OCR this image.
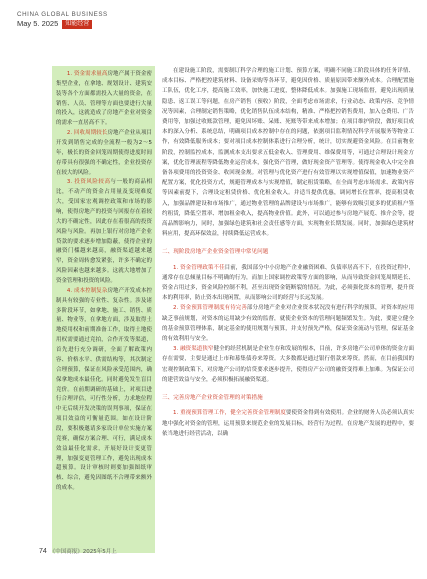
CHINA GLOBAL BUSINESS
May 5. 2025 知能经营

1. 资金需求量高房地产属于资金密集型企业，在拿地、规划设计、建筑安装等各个方面都需投入大量的资金，在销售、人员、管理等方面也要进行大量的投入，这就造成了房地产企业对资金的需求一直居高不下。

2. 回收周期较长房地产企业从项目开发到销售完成的全流程一般为2～5年，极长的资金回笼周期使得进度时间存带具有很强的不确定性，企业投资存在较大的风险。

3. 投资风险较高与一般的商品相比，不动产的资金占用量及变现难度大，受国家宏观调控政策和市场的影响，使得房地产的投资与回报存在着较大的不确定性，因此存在着很高的投资风险与风险。再加上银行对房地产企业贷款的要求逐步增加隐蔽，使得企业的融资门槛越来越高，融资渠道越来越窄，资金周转愈发紧张，许多不确定的风险因素也越来越多。这就大地增加了资金管理和投资的风险。

4. 成本控制复杂房地产开发成本控制具有较强的专业性、复杂性。涉及诸多阶段环节，如拿地、施工、销售、质量、物业等，在拿地方面，涉及取得土地使用权和前期准备工作，取得土地使用权需要通过竞拍，合作开发等渠道，首先进行充分调研，全面了解政策内容、价格水平、供需结构等，其次制定合理预算，保证在风险承受范围内，确保拿地成本最佳化。同时避免发生盲目竞价。在前期调研的基础上，对项目进行合理评估，可行性分析，力求地位程中无后续开发决策的误判事项，保证在项目效益的可衡量范围。如在设计阶段，要积极邀请多家设计单位实施方案竞赛，确保方案合理、可行，满足成本效益最佳化需求，开展好设计变更管理，加强变更管理工作，避免出现成本超预算。设计审核时则要加强图纸审核、综合，避免因图纸不合理带来额外的成本。

在建设施工阶段，需要制订科学合理的施工计划、预算方案，明确不同施工阶段具体的任务详情、成本目标、严格把控建筑材料、设备采购等各环节，避免因价格、质量原因带来额外成本。合理配置施工队伍，优化工序，提高施工效率，加快施工进度，整体降低成本。加强施工现场监督，避免出现质量隐患、返工误工等问题，在房产销售（预收）阶段，全面考虑市场需求，行业动态、政策内容、竞争情况等因素，合理制定销售策略，优化销售队伍成本结构，精准、严格把控销售费用，加入仓费用、广告费用等，加强过收账款管理，避免因坏账、呆账、死账等带来成本增加；在项目维护阶段，做好项目成本的深入分析、系统总结，明确项目成本控制中存在的问题，依据项目监利情况科学开展服务等物业工作，有效降低服务成本；要对项目成本控制体系进行合理分析，统计，切实规避资金风险。在目前物业阶段，控制监控成本，监测成本支出要求五低金收入、管理费用、维保费用等，可通过合理设计现金方案，优化管理流程等降低物业运营成本，强化资产管理，做好现金资产管理等。使得现金收入中完全准备各项费用的投资资金、收回现金规。对管理与优化资产进行有效管理以实现增值保值，加速物业资产配置方案，优化投资方式，规避管理成本与实现增值，制定租赁策略，在全面考虑市场需求、政策内容等因素前提下，合理设定租赁价格、优化租金收入。并适当提供优惠，调同增长位置率，提高租赁收入，加强品牌建设和市场推广，通过物业管理的品牌建设与市场推广，能够有效吸引更多的优质租户签约租赁，降低空置率、增加租金收入，提高物业价值。此外，可以通过参与房地产展览、推介会等，提高品牌影响力，同时，加强绿色建筑和社会责任感等方面，实现物业长期发展。同时，加强绿色建筑材料应用，提高环保效益，持续降低运营成本。

二、现阶段房地产企业资金管理中常见问题

1. 资金管理政策不佳目前，我国部分中小房地产企业融资困难、负债率居高不下，在投资过程中，通常存在总倾量目标不明确的行为，而加上国家调控政策等方面的影响，从而导致资金回笼周期延长、资金占用过多，资金风险控制不利，甚至出现资金链断裂的情况。为此，必须强化资本的管理，提升资本的利用率，防止资本出现闲置，从而影响公司的经营与长远发展。

2. 资金预算管理制度有待完善部分房地产企业对企业资本状况没有进行科学的预算，对资本的应用缺乏事前规划，对资本的运用缺少有效的监督，就使企业资本的管理问题频繁发生。为此，要建立健全的基金预算管理体系，制定基金的使用规划与预算，并支付预先严格，保证资金流动与管理，保证基金的有效利用与安全。

3. 融资渠道狭窄健全的经营机制是企业生存和发展的根本，目前，许多房地产公司单体的资金方面存在需要，主要是通过上市和募集债券来筹资。大多数都是通过银行借款来筹资。然而，在目前我国的宏观控制政策下，对房地产公司的信贷要求逐步提升，使得房产公司的融资变得难上加难。为保证公司的建营效益与安全，必须积极拓展融资渠道。

三、完善房地产企业资金管理的对策措施

1. 重视预算管理工作，健全完善资金管理制度要使资金得到有效使用。企业的财务人员必须认真实地中强化对资金的管理，运用预算来规范企业的发展目标，经营行为过程。在房地产发展的进程中，要依当地进行经营活动，以确

74 《中国商报》2025年5月上
